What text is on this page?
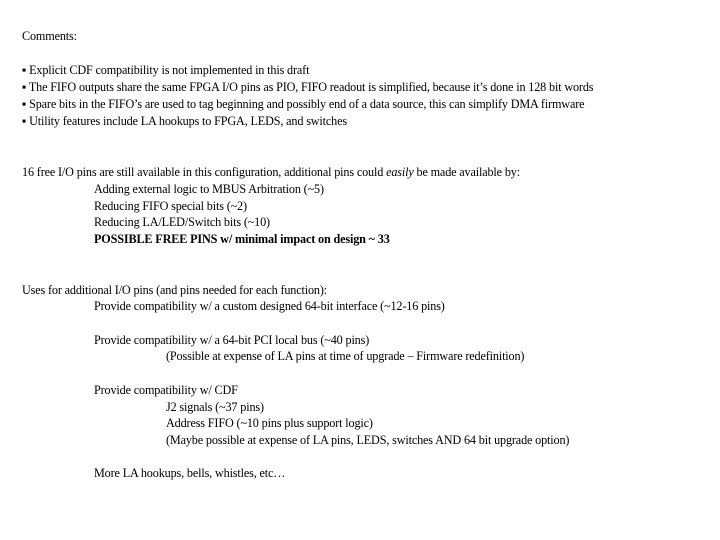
Comments:
▪ Explicit CDF compatibility is not implemented in this draft
▪ The FIFO outputs share the same FPGA I/O pins as PIO, FIFO readout is simplified, because it’s done in 128 bit words
▪ Spare bits in the FIFO’s are used to tag beginning and possibly end of a data source, this can simplify DMA firmware
▪ Utility features include LA hookups to FPGA, LEDS, and switches
16 free I/O pins are still available in this configuration, additional pins could easily be made available by:
Adding external logic to MBUS Arbitration (~5)
Reducing FIFO special bits (~2)
Reducing LA/LED/Switch bits (~10)
POSSIBLE FREE PINS w/ minimal impact on design ~ 33
Uses for additional I/O pins (and pins needed for each function):
Provide compatibility w/ a custom designed 64-bit interface (~12-16 pins)
Provide compatibility w/ a 64-bit PCI local bus (~40 pins)
(Possible at expense of LA pins at time of upgrade – Firmware redefinition)
Provide compatibility w/ CDF
J2 signals (~37 pins)
Address FIFO (~10 pins plus support logic)
(Maybe possible at expense of LA pins, LEDS, switches AND 64 bit upgrade option)
More LA hookups, bells, whistles, etc…
